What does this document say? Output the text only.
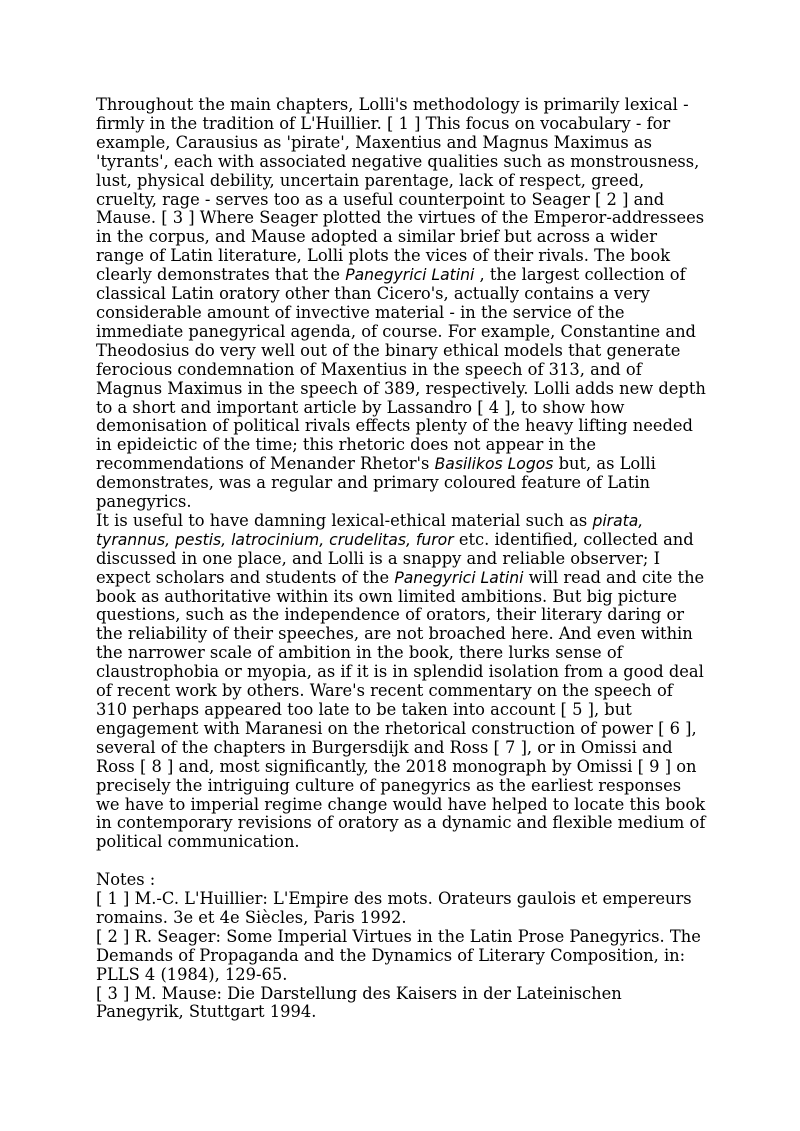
Throughout the main chapters, Lolli's methodology is primarily lexical - firmly in the tradition of L'Huillier. [ 1 ] This focus on vocabulary - for example, Carausius as 'pirate', Maxentius and Magnus Maximus as 'tyrants', each with associated negative qualities such as monstrousness, lust, physical debility, uncertain parentage, lack of respect, greed, cruelty, rage - serves too as a useful counterpoint to Seager [ 2 ] and Mause. [ 3 ] Where Seager plotted the virtues of the Emperor-addressees in the corpus, and Mause adopted a similar brief but across a wider range of Latin literature, Lolli plots the vices of their rivals. The book clearly demonstrates that the Panegyrici Latini , the largest collection of classical Latin oratory other than Cicero's, actually contains a very considerable amount of invective material - in the service of the immediate panegyrical agenda, of course. For example, Constantine and Theodosius do very well out of the binary ethical models that generate ferocious condemnation of Maxentius in the speech of 313, and of Magnus Maximus in the speech of 389, respectively. Lolli adds new depth to a short and important article by Lassandro [ 4 ], to show how demonisation of political rivals effects plenty of the heavy lifting needed in epideictic of the time; this rhetoric does not appear in the recommendations of Menander Rhetor's Basilikos Logos but, as Lolli demonstrates, was a regular and primary coloured feature of Latin panegyrics.

It is useful to have damning lexical-ethical material such as pirata, tyrannus, pestis, latrocinium, crudelitas, furor etc. identified, collected and discussed in one place, and Lolli is a snappy and reliable observer; I expect scholars and students of the Panegyrici Latini will read and cite the book as authoritative within its own limited ambitions. But big picture questions, such as the independence of orators, their literary daring or the reliability of their speeches, are not broached here. And even within the narrower scale of ambition in the book, there lurks sense of claustrophobia or myopia, as if it is in splendid isolation from a good deal of recent work by others. Ware's recent commentary on the speech of 310 perhaps appeared too late to be taken into account [ 5 ], but engagement with Maranesi on the rhetorical construction of power [ 6 ], several of the chapters in Burgersdijk and Ross [ 7 ], or in Omissi and Ross [ 8 ] and, most significantly, the 2018 monograph by Omissi [ 9 ] on precisely the intriguing culture of panegyrics as the earliest responses we have to imperial regime change would have helped to locate this book in contemporary revisions of oratory as a dynamic and flexible medium of political communication.

Notes :

[ 1 ] M.-C. L'Huillier: L'Empire des mots. Orateurs gaulois et empereurs romains. 3e et 4e Siècles, Paris 1992.

[ 2 ] R. Seager: Some Imperial Virtues in the Latin Prose Panegyrics. The Demands of Propaganda and the Dynamics of Literary Composition, in: PLLS 4 (1984), 129-65.

[ 3 ] M. Mause: Die Darstellung des Kaisers in der Lateinischen Panegyrik, Stuttgart 1994.
